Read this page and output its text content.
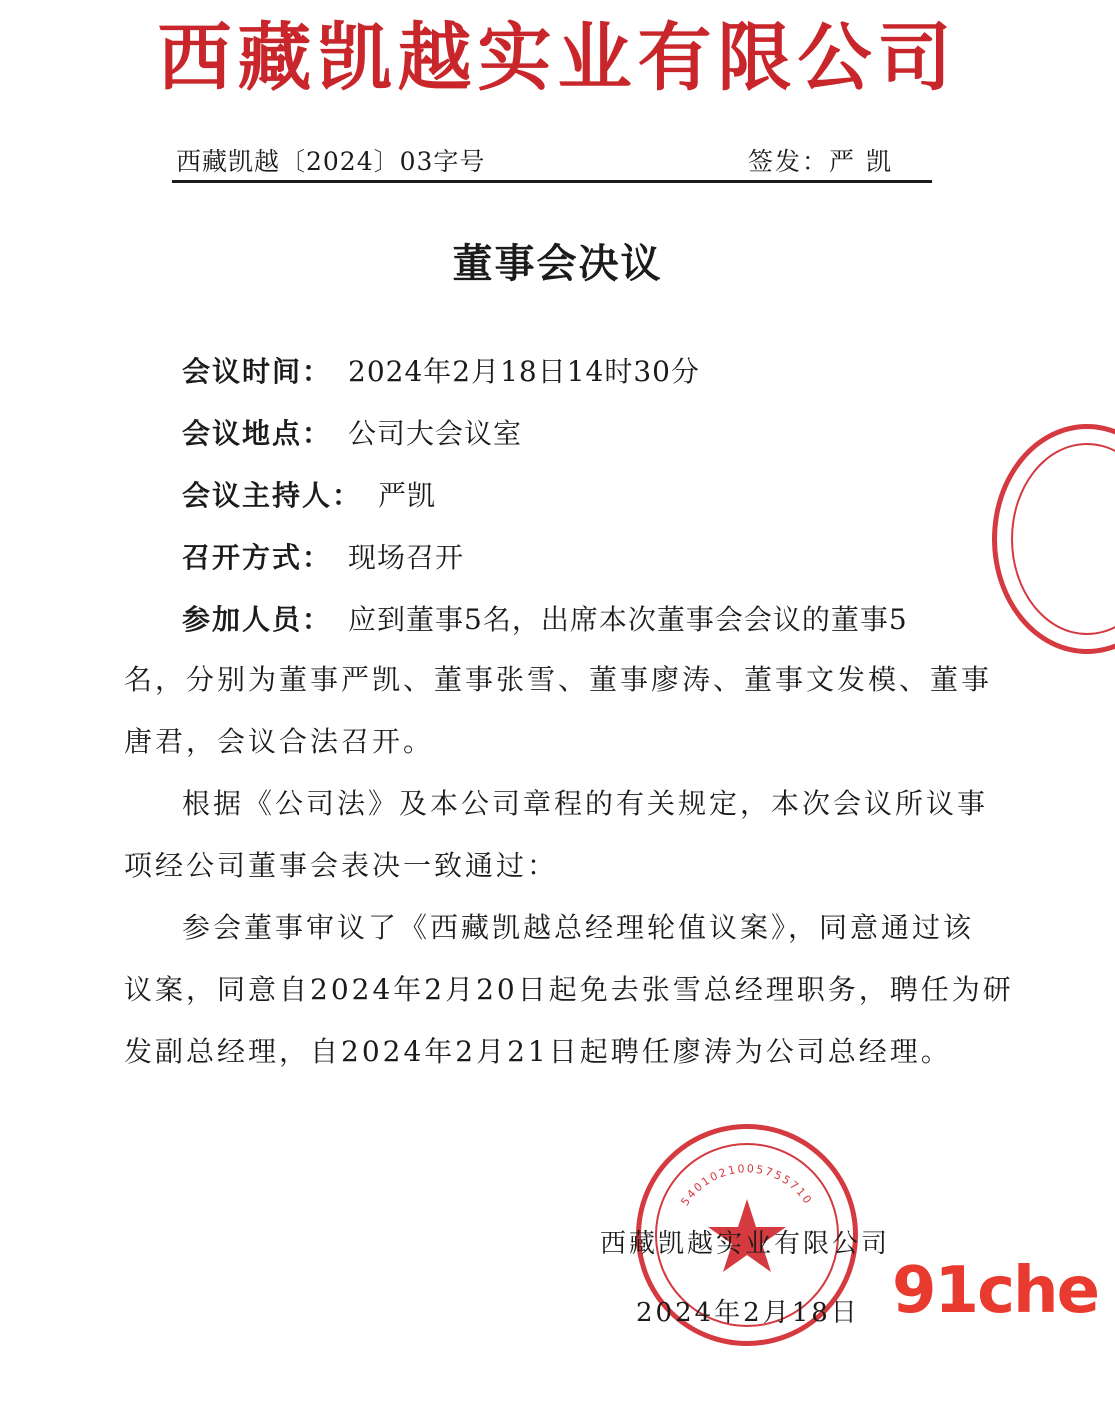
西藏凯越实业有限公司
西藏凯越〔2024〕03字号	签发：严 凯
董事会决议
会议时间： 2024年2月18日14时30分
会议地点： 公司大会议室
会议主持人： 严凯
召开方式： 现场召开
参加人员： 应到董事5名，出席本次董事会会议的董事5
名，分别为董事严凯、董事张雪、董事廖涛、董事文发模、董事
唐君，会议合法召开。
根据《公司法》及本公司章程的有关规定，本次会议所议事
项经公司董事会表决一致通过：
参会董事审议了《西藏凯越总经理轮值议案》，同意通过该
议案，同意自2024年2月20日起免去张雪总经理职务，聘任为研
发副总经理，自2024年2月21日起聘任廖涛为公司总经理。
5401021005755710
西藏凯越实业有限公司
2024年2月18日 91che
